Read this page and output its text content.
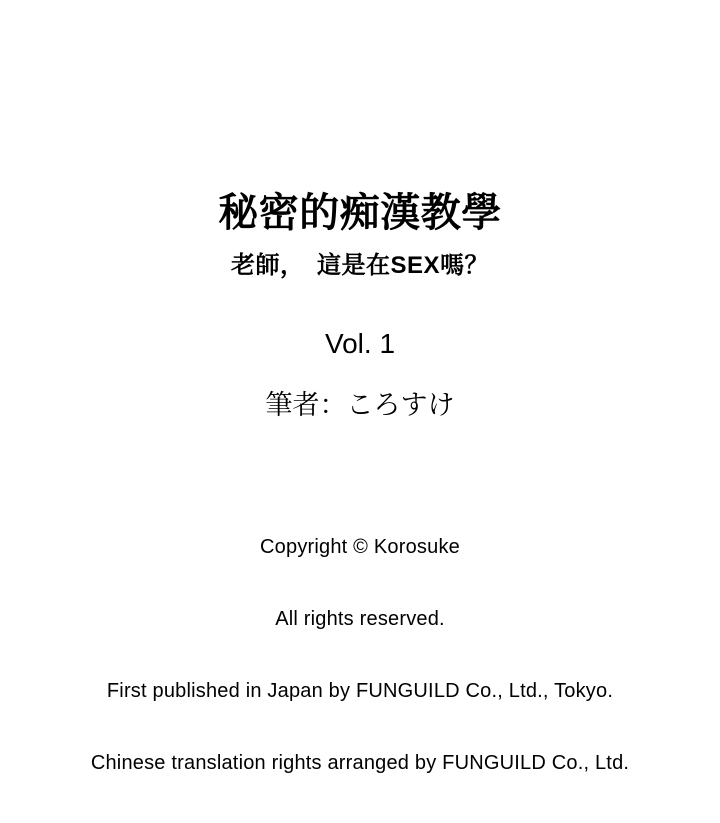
秘密的痴漢教學
老師，　這是在SEX嗎？
Vol. 1
筆者：ころすけ

Copyright © Korosuke

All rights reserved.

First published in Japan by FUNGUILD Co., Ltd., Tokyo.

Chinese translation rights arranged by FUNGUILD Co., Ltd.
